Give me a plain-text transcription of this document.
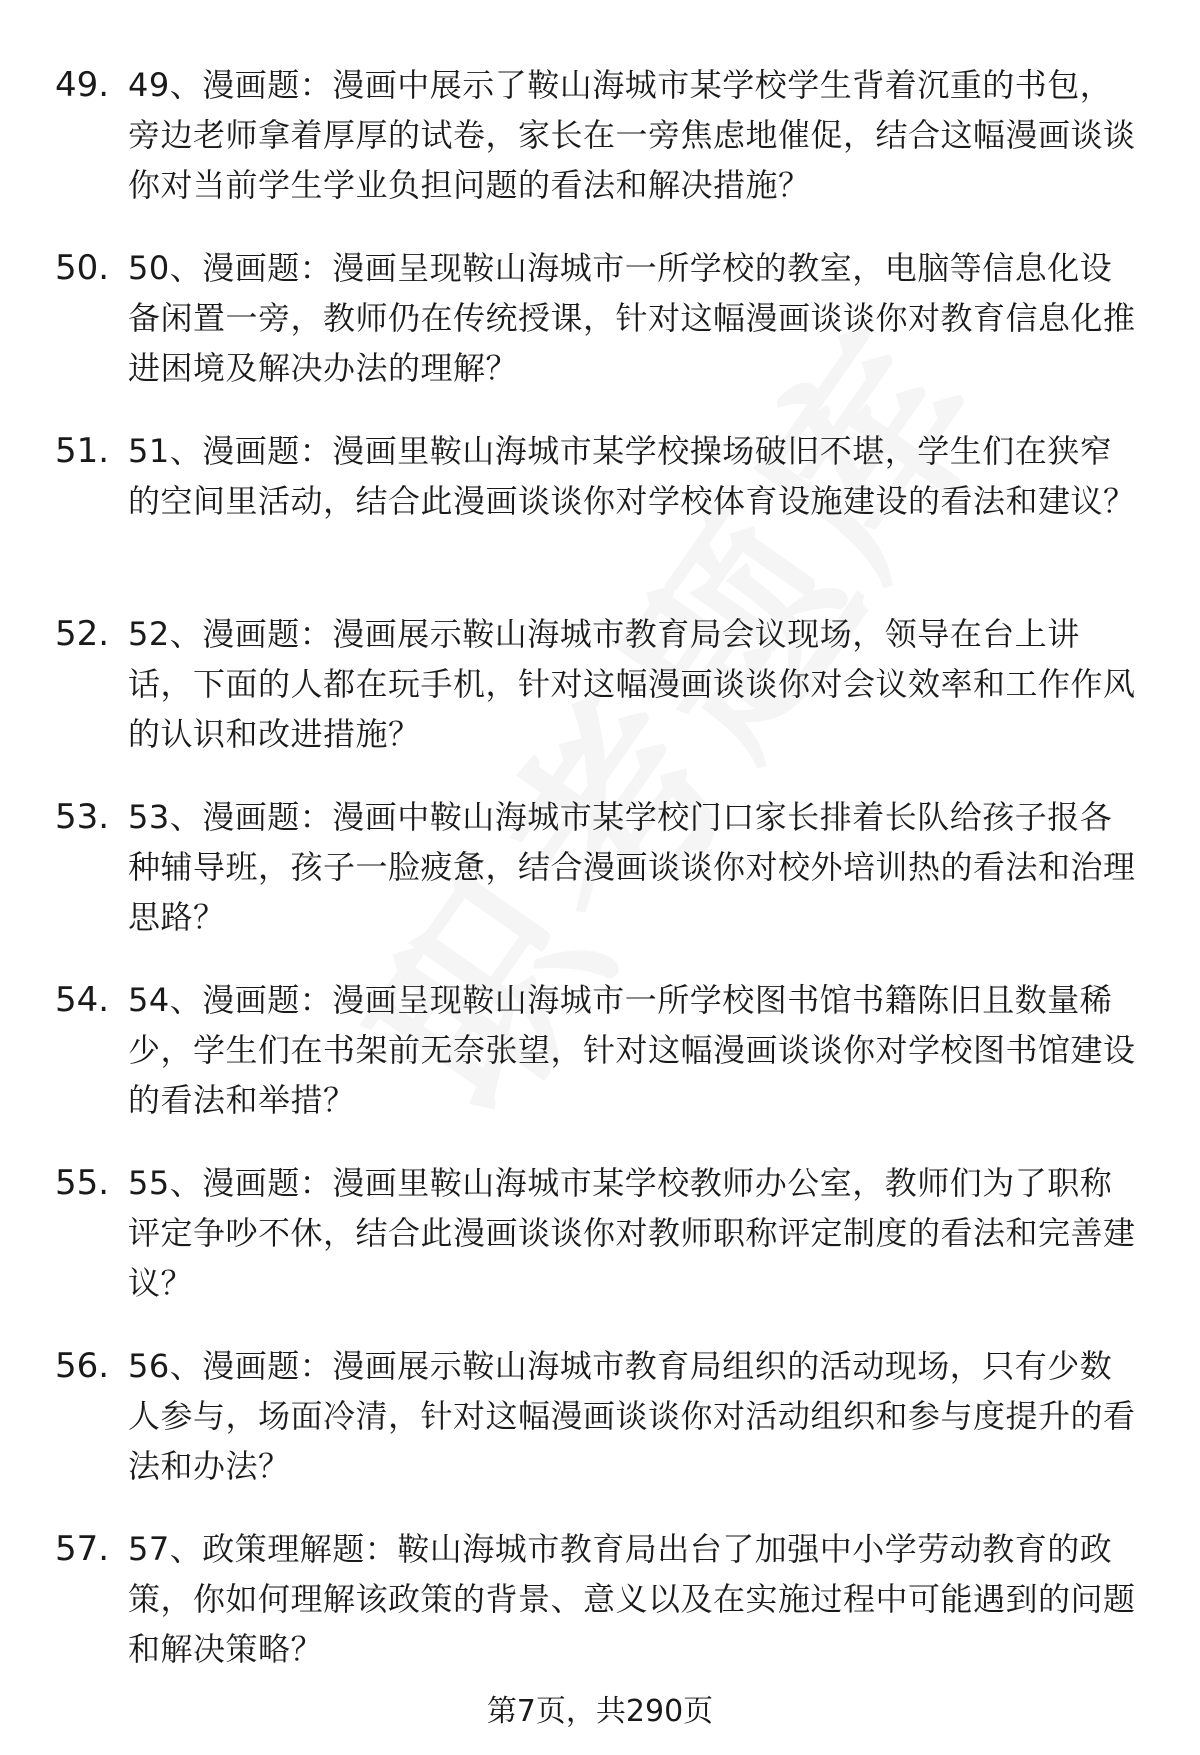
49. 49、漫画题：漫画中展示了鞍山海城市某学校学生背着沉重的书包，旁边老师拿着厚厚的试卷，家长在一旁焦虑地催促，结合这幅漫画谈谈你对当前学生学业负担问题的看法和解决措施？
50. 50、漫画题：漫画呈现鞍山海城市一所学校的教室，电脑等信息化设备闲置一旁，教师仍在传统授课，针对这幅漫画谈谈你对教育信息化推进困境及解决办法的理解？
51. 51、漫画题：漫画里鞍山海城市某学校操场破旧不堪，学生们在狭窄的空间里活动，结合此漫画谈谈你对学校体育设施建设的看法和建议？
52. 52、漫画题：漫画展示鞍山海城市教育局会议现场，领导在台上讲话，下面的人都在玩手机，针对这幅漫画谈谈你对会议效率和工作作风的认识和改进措施？
53. 53、漫画题：漫画中鞍山海城市某学校门口家长排着长队给孩子报各种辅导班，孩子一脸疲惫，结合漫画谈谈你对校外培训热的看法和治理思路？
54. 54、漫画题：漫画呈现鞍山海城市一所学校图书馆书籍陈旧且数量稀少，学生们在书架前无奈张望，针对这幅漫画谈谈你对学校图书馆建设的看法和举措？
55. 55、漫画题：漫画里鞍山海城市某学校教师办公室，教师们为了职称评定争吵不休，结合此漫画谈谈你对教师职称评定制度的看法和完善建议？
56. 56、漫画题：漫画展示鞍山海城市教育局组织的活动现场，只有少数人参与，场面冷清，针对这幅漫画谈谈你对活动组织和参与度提升的看法和办法？
57. 57、政策理解题：鞍山海城市教育局出台了加强中小学劳动教育的政策，你如何理解该政策的背景、意义以及在实施过程中可能遇到的问题和解决策略？
第7页，共290页
